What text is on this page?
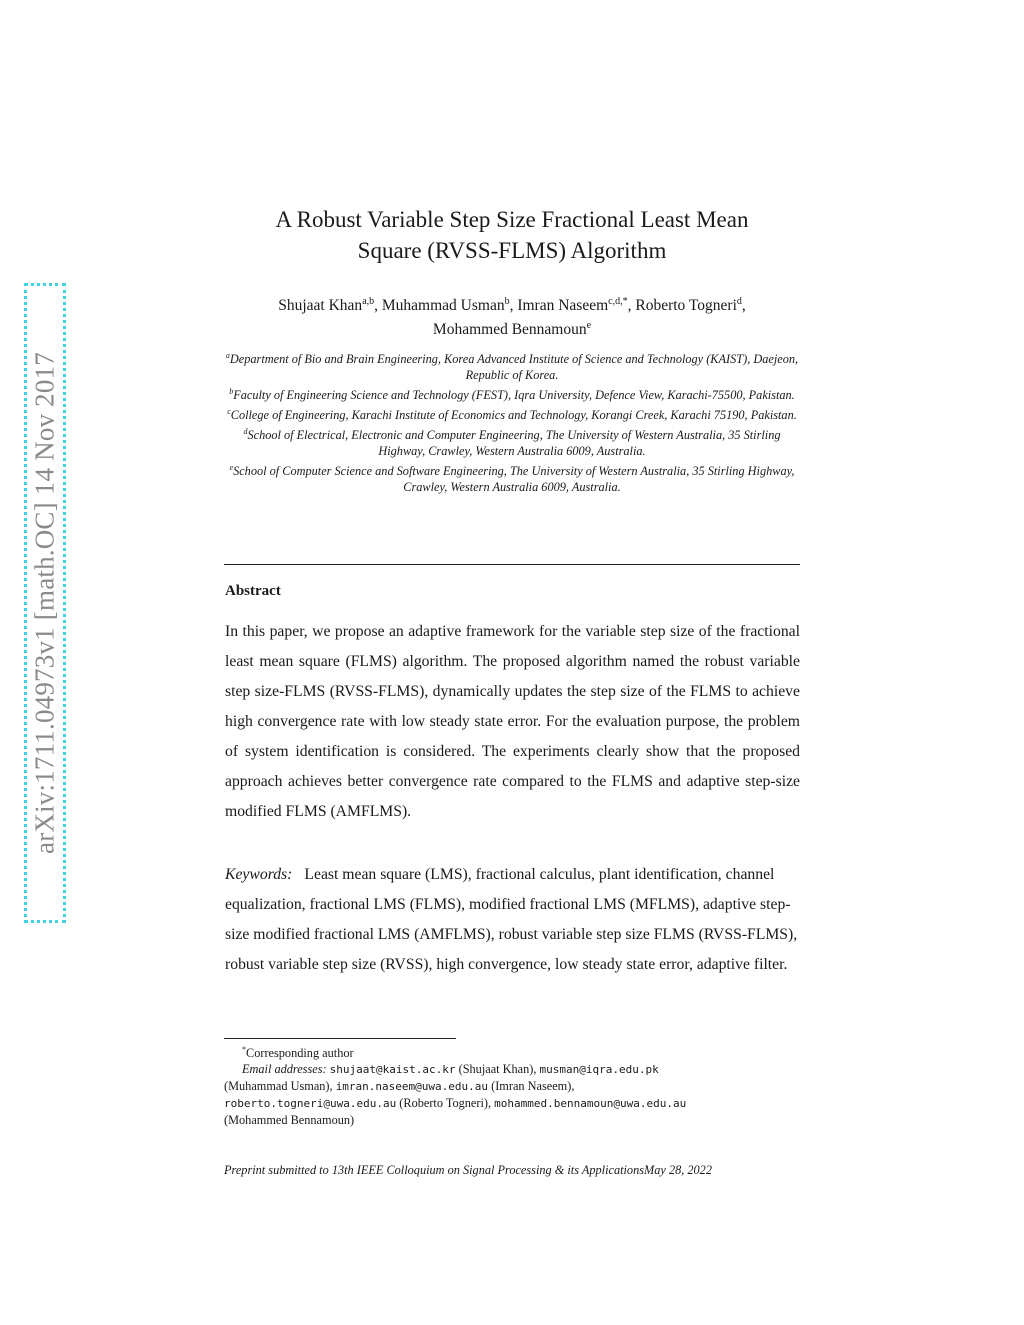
arXiv:1711.04973v1 [math.OC] 14 Nov 2017
A Robust Variable Step Size Fractional Least Mean
Square (RVSS-FLMS) Algorithm
Shujaat Khan$^{a,b}$, Muhammad Usman$^b$, Imran Naseem$^{c,d,*}$, Roberto Togneri$^d$,
Mohammed Bennamoun$^e$
$^a$Department of Bio and Brain Engineering, Korea Advanced Institute of Science and Technology (KAIST), Daejeon, Republic of Korea.
$^b$Faculty of Engineering Science and Technology (FEST), Iqra University, Defence View, Karachi-75500, Pakistan.
$^c$College of Engineering, Karachi Institute of Economics and Technology, Korangi Creek, Karachi 75190, Pakistan.
$^d$School of Electrical, Electronic and Computer Engineering, The University of Western Australia, 35 Stirling Highway, Crawley, Western Australia 6009, Australia.
$^e$School of Computer Science and Software Engineering, The University of Western Australia, 35 Stirling Highway, Crawley, Western Australia 6009, Australia.
Abstract
In this paper, we propose an adaptive framework for the variable step size of the fractional least mean square (FLMS) algorithm. The proposed algorithm named the robust variable step size-FLMS (RVSS-FLMS), dynamically updates the step size of the FLMS to achieve high convergence rate with low steady state error. For the evaluation purpose, the problem of system identification is considered. The experiments clearly show that the proposed approach achieves better convergence rate compared to the FLMS and adaptive step-size modified FLMS (AMFLMS).
Keywords: Least mean square (LMS), fractional calculus, plant identification, channel equalization, fractional LMS (FLMS), modified fractional LMS (MFLMS), adaptive step-size modified fractional LMS (AMFLMS), robust variable step size FLMS (RVSS-FLMS), robust variable step size (RVSS), high convergence, low steady state error, adaptive filter.
*Corresponding author
Email addresses: shujaat@kaist.ac.kr (Shujaat Khan), musman@iqra.edu.pk
(Muhammad Usman), imran.naseem@uwa.edu.au (Imran Naseem),
roberto.togneri@uwa.edu.au (Roberto Togneri), mohammed.bennamoun@uwa.edu.au
(Mohammed Bennamoun)
Preprint submitted to 13th IEEE Colloquium on Signal Processing & its ApplicationsMay 28, 2022
